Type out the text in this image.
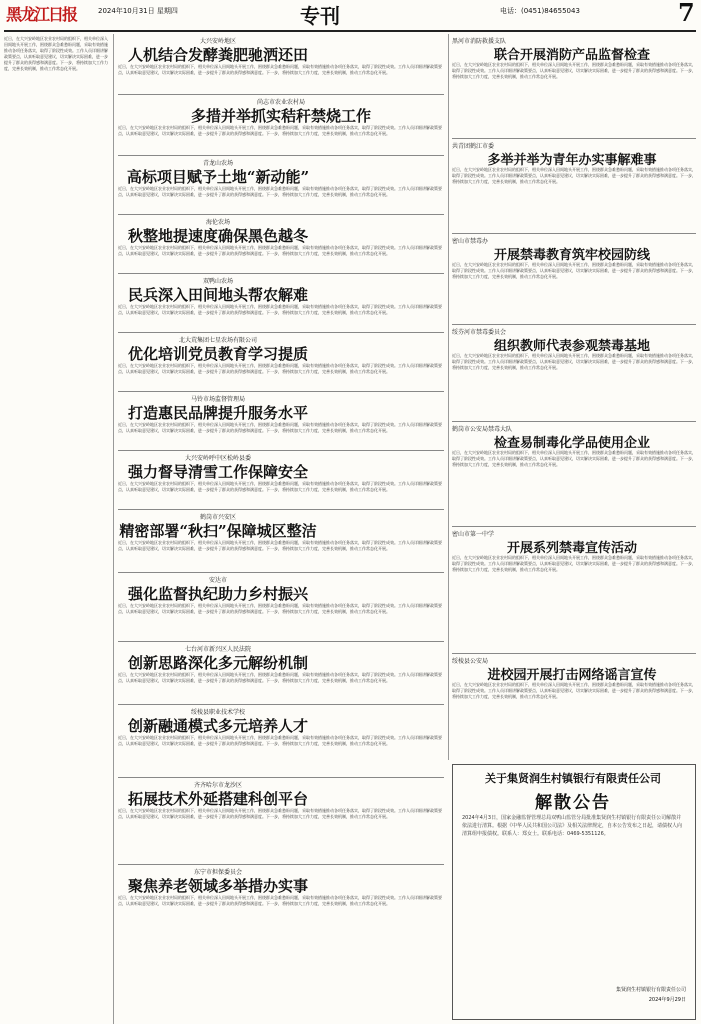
黑龙江日报	2024年10月31日 星期四	专刊	电话：(0451)84655043	7
近日，在大兴安岭地区农业农村局的组织下，相关单位深入田间地头开展工作，围绕群众急难愁盼问题，采取有效措施推动各项任务落实，取得了阶段性成效。工作人员详细讲解政策要点，认真听取意见建议，切实解决实际困难，进一步提升了群众的获得感和满意度。下一步，将持续加大工作力度，完善长效机制，推动工作常态化开展。
大兴安岭地区
人机结合发酵粪肥驰洒还田
近日，在大兴安岭地区农业农村局的组织下，相关单位深入田间地头开展工作，围绕群众急难愁盼问题，采取有效措施推动各项任务落实，取得了阶段性成效。工作人员详细讲解政策要点，认真听取意见建议，切实解决实际困难，进一步提升了群众的获得感和满意度。下一步，将持续加大工作力度，完善长效机制，推动工作常态化开展。
尚志市农业农村局
多措并举抓实秸秆禁烧工作
近日，在大兴安岭地区农业农村局的组织下，相关单位深入田间地头开展工作，围绕群众急难愁盼问题，采取有效措施推动各项任务落实，取得了阶段性成效。工作人员详细讲解政策要点，认真听取意见建议，切实解决实际困难，进一步提升了群众的获得感和满意度。下一步，将持续加大工作力度，完善长效机制，推动工作常态化开展。
青龙山农场
高标项目赋予土地“新动能”
近日，在大兴安岭地区农业农村局的组织下，相关单位深入田间地头开展工作，围绕群众急难愁盼问题，采取有效措施推动各项任务落实，取得了阶段性成效。工作人员详细讲解政策要点，认真听取意见建议，切实解决实际困难，进一步提升了群众的获得感和满意度。下一步，将持续加大工作力度，完善长效机制，推动工作常态化开展。
海伦农场
秋整地提速度确保黑色越冬
近日，在大兴安岭地区农业农村局的组织下，相关单位深入田间地头开展工作，围绕群众急难愁盼问题，采取有效措施推动各项任务落实，取得了阶段性成效。工作人员详细讲解政策要点，认真听取意见建议，切实解决实际困难，进一步提升了群众的获得感和满意度。下一步，将持续加大工作力度，完善长效机制，推动工作常态化开展。
双鸭山农场
民兵深入田间地头帮农解难
近日，在大兴安岭地区农业农村局的组织下，相关单位深入田间地头开展工作，围绕群众急难愁盼问题，采取有效措施推动各项任务落实，取得了阶段性成效。工作人员详细讲解政策要点，认真听取意见建议，切实解决实际困难，进一步提升了群众的获得感和满意度。下一步，将持续加大工作力度，完善长效机制，推动工作常态化开展。
北大荒集团七星农场有限公司
优化培训党员教育学习提质
近日，在大兴安岭地区农业农村局的组织下，相关单位深入田间地头开展工作，围绕群众急难愁盼问题，采取有效措施推动各项任务落实，取得了阶段性成效。工作人员详细讲解政策要点，认真听取意见建议，切实解决实际困难，进一步提升了群众的获得感和满意度。下一步，将持续加大工作力度，完善长效机制，推动工作常态化开展。
马铃市场监督管理局
打造惠民品牌提升服务水平
近日，在大兴安岭地区农业农村局的组织下，相关单位深入田间地头开展工作，围绕群众急难愁盼问题，采取有效措施推动各项任务落实，取得了阶段性成效。工作人员详细讲解政策要点，认真听取意见建议，切实解决实际困难，进一步提升了群众的获得感和满意度。下一步，将持续加大工作力度，完善长效机制，推动工作常态化开展。
大兴安岭呼中区松岭县委
强力督导清雪工作保障安全
近日，在大兴安岭地区农业农村局的组织下，相关单位深入田间地头开展工作，围绕群众急难愁盼问题，采取有效措施推动各项任务落实，取得了阶段性成效。工作人员详细讲解政策要点，认真听取意见建议，切实解决实际困难，进一步提升了群众的获得感和满意度。下一步，将持续加大工作力度，完善长效机制，推动工作常态化开展。
鹤岗市兴安区
精密部署“秋扫”保障城区整洁
近日，在大兴安岭地区农业农村局的组织下，相关单位深入田间地头开展工作，围绕群众急难愁盼问题，采取有效措施推动各项任务落实，取得了阶段性成效。工作人员详细讲解政策要点，认真听取意见建议，切实解决实际困难，进一步提升了群众的获得感和满意度。下一步，将持续加大工作力度，完善长效机制，推动工作常态化开展。
安达市
强化监督执纪助力乡村振兴
近日，在大兴安岭地区农业农村局的组织下，相关单位深入田间地头开展工作，围绕群众急难愁盼问题，采取有效措施推动各项任务落实，取得了阶段性成效。工作人员详细讲解政策要点，认真听取意见建议，切实解决实际困难，进一步提升了群众的获得感和满意度。下一步，将持续加大工作力度，完善长效机制，推动工作常态化开展。
七台河市新兴区人民法院
创新思路深化多元解纷机制
近日，在大兴安岭地区农业农村局的组织下，相关单位深入田间地头开展工作，围绕群众急难愁盼问题，采取有效措施推动各项任务落实，取得了阶段性成效。工作人员详细讲解政策要点，认真听取意见建议，切实解决实际困难，进一步提升了群众的获得感和满意度。下一步，将持续加大工作力度，完善长效机制，推动工作常态化开展。
绥棱县职业技术学校
创新融通模式多元培养人才
近日，在大兴安岭地区农业农村局的组织下，相关单位深入田间地头开展工作，围绕群众急难愁盼问题，采取有效措施推动各项任务落实，取得了阶段性成效。工作人员详细讲解政策要点，认真听取意见建议，切实解决实际困难，进一步提升了群众的获得感和满意度。下一步，将持续加大工作力度，完善长效机制，推动工作常态化开展。
齐齐哈尔市龙沙区
拓展技术外延搭建科创平台
近日，在大兴安岭地区农业农村局的组织下，相关单位深入田间地头开展工作，围绕群众急难愁盼问题，采取有效措施推动各项任务落实，取得了阶段性成效。工作人员详细讲解政策要点，认真听取意见建议，切实解决实际困难，进一步提升了群众的获得感和满意度。下一步，将持续加大工作力度，完善长效机制，推动工作常态化开展。
东宁市担保委员会
聚焦养老领域多举措办实事
近日，在大兴安岭地区农业农村局的组织下，相关单位深入田间地头开展工作，围绕群众急难愁盼问题，采取有效措施推动各项任务落实，取得了阶段性成效。工作人员详细讲解政策要点，认真听取意见建议，切实解决实际困难，进一步提升了群众的获得感和满意度。下一步，将持续加大工作力度，完善长效机制，推动工作常态化开展。
黑河市消防救援支队
联合开展消防产品监督检查
近日，在大兴安岭地区农业农村局的组织下，相关单位深入田间地头开展工作，围绕群众急难愁盼问题，采取有效措施推动各项任务落实，取得了阶段性成效。工作人员详细讲解政策要点，认真听取意见建议，切实解决实际困难，进一步提升了群众的获得感和满意度。下一步，将持续加大工作力度，完善长效机制，推动工作常态化开展。
共青团鹤江市委
多举并举为青年办实事解难事
近日，在大兴安岭地区农业农村局的组织下，相关单位深入田间地头开展工作，围绕群众急难愁盼问题，采取有效措施推动各项任务落实，取得了阶段性成效。工作人员详细讲解政策要点，认真听取意见建议，切实解决实际困难，进一步提升了群众的获得感和满意度。下一步，将持续加大工作力度，完善长效机制，推动工作常态化开展。
密山市禁毒办
开展禁毒教育筑牢校园防线
近日，在大兴安岭地区农业农村局的组织下，相关单位深入田间地头开展工作，围绕群众急难愁盼问题，采取有效措施推动各项任务落实，取得了阶段性成效。工作人员详细讲解政策要点，认真听取意见建议，切实解决实际困难，进一步提升了群众的获得感和满意度。下一步，将持续加大工作力度，完善长效机制，推动工作常态化开展。
绥芬河市禁毒委员会
组织教师代表参观禁毒基地
近日，在大兴安岭地区农业农村局的组织下，相关单位深入田间地头开展工作，围绕群众急难愁盼问题，采取有效措施推动各项任务落实，取得了阶段性成效。工作人员详细讲解政策要点，认真听取意见建议，切实解决实际困难，进一步提升了群众的获得感和满意度。下一步，将持续加大工作力度，完善长效机制，推动工作常态化开展。
鹤岗市公安局禁毒大队
检查易制毒化学品使用企业
近日，在大兴安岭地区农业农村局的组织下，相关单位深入田间地头开展工作，围绕群众急难愁盼问题，采取有效措施推动各项任务落实，取得了阶段性成效。工作人员详细讲解政策要点，认真听取意见建议，切实解决实际困难，进一步提升了群众的获得感和满意度。下一步，将持续加大工作力度，完善长效机制，推动工作常态化开展。
密山市第一中学
开展系列禁毒宣传活动
近日，在大兴安岭地区农业农村局的组织下，相关单位深入田间地头开展工作，围绕群众急难愁盼问题，采取有效措施推动各项任务落实，取得了阶段性成效。工作人员详细讲解政策要点，认真听取意见建议，切实解决实际困难，进一步提升了群众的获得感和满意度。下一步，将持续加大工作力度，完善长效机制，推动工作常态化开展。
绥棱县公安局
进校园开展打击网络谣言宣传
近日，在大兴安岭地区农业农村局的组织下，相关单位深入田间地头开展工作，围绕群众急难愁盼问题，采取有效措施推动各项任务落实，取得了阶段性成效。工作人员详细讲解政策要点，认真听取意见建议，切实解决实际困难，进一步提升了群众的获得感和满意度。下一步，将持续加大工作力度，完善长效机制，推动工作常态化开展。
关于集贤润生村镇银行有限责任公司
解散公告
2024年4月3日，国家金融监督管理总局双鸭山监管分局批准集贤润生村镇银行有限责任公司解散并依法进行清算。根据《中华人民共和国公司法》及相关法律规定，自本公告发布之日起，请债权人向清算组申报债权。联系人：郑女士。联系电话：0469-5351126。
集贤润生村镇银行有限责任公司
2024年9月29日
